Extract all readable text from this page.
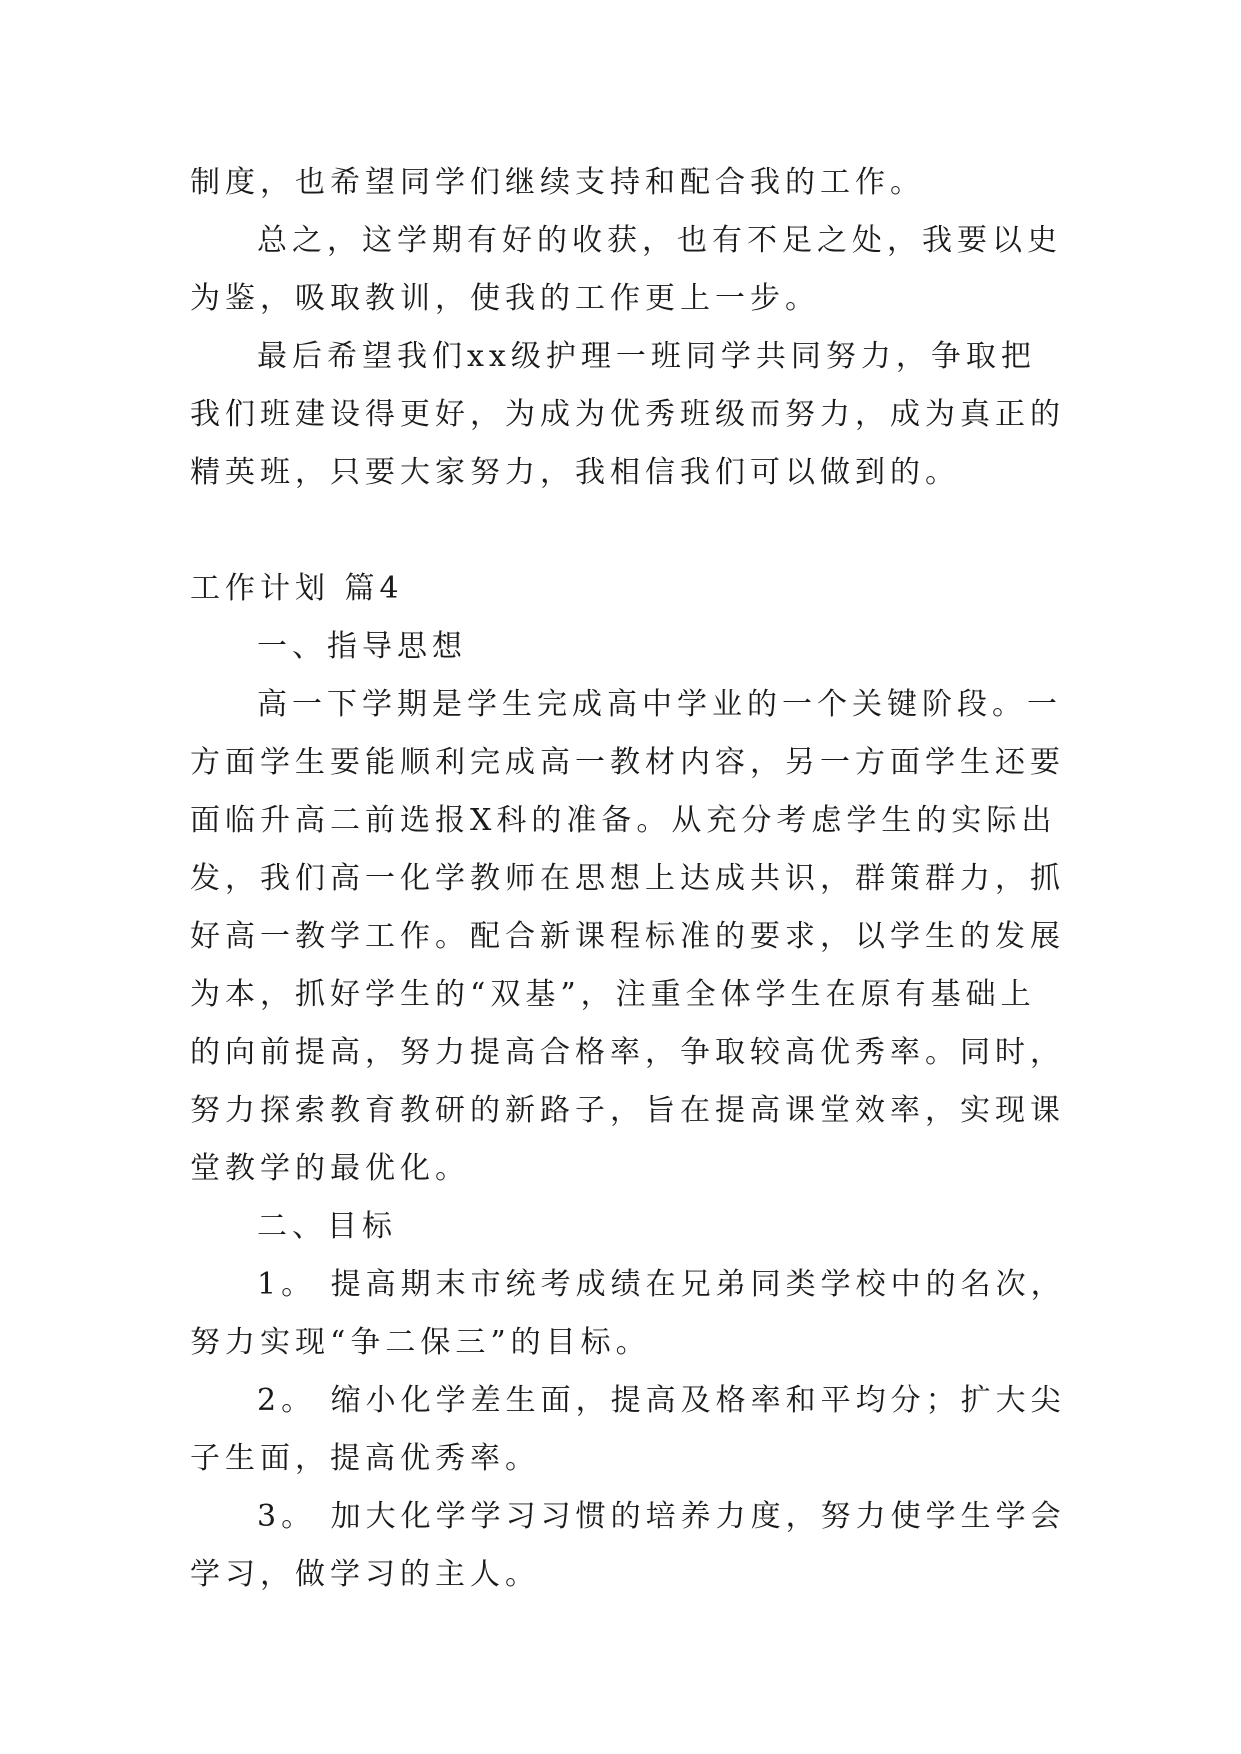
制度，也希望同学们继续支持和配合我的工作。

总之，这学期有好的收获，也有不足之处，我要以史为鉴，吸取教训，使我的工作更上一步。

最后希望我们xx级护理一班同学共同努力，争取把我们班建设得更好，为成为优秀班级而努力，成为真正的精英班，只要大家努力，我相信我们可以做到的。

工作计划 篇4

一、指导思想

高一下学期是学生完成高中学业的一个关键阶段。一方面学生要能顺利完成高一教材内容，另一方面学生还要面临升高二前选报X科的准备。从充分考虑学生的实际出发，我们高一化学教师在思想上达成共识，群策群力，抓好高一教学工作。配合新课程标准的要求，以学生的发展为本，抓好学生的“双基”，注重全体学生在原有基础上的向前提高，努力提高合格率，争取较高优秀率。同时，努力探索教育教研的新路子，旨在提高课堂效率，实现课堂教学的最优化。

二、目标

1。 提高期末市统考成绩在兄弟同类学校中的名次，努力实现“争二保三”的目标。

2。 缩小化学差生面，提高及格率和平均分；扩大尖子生面，提高优秀率。

3。 加大化学学习习惯的培养力度，努力使学生学会学习，做学习的主人。
